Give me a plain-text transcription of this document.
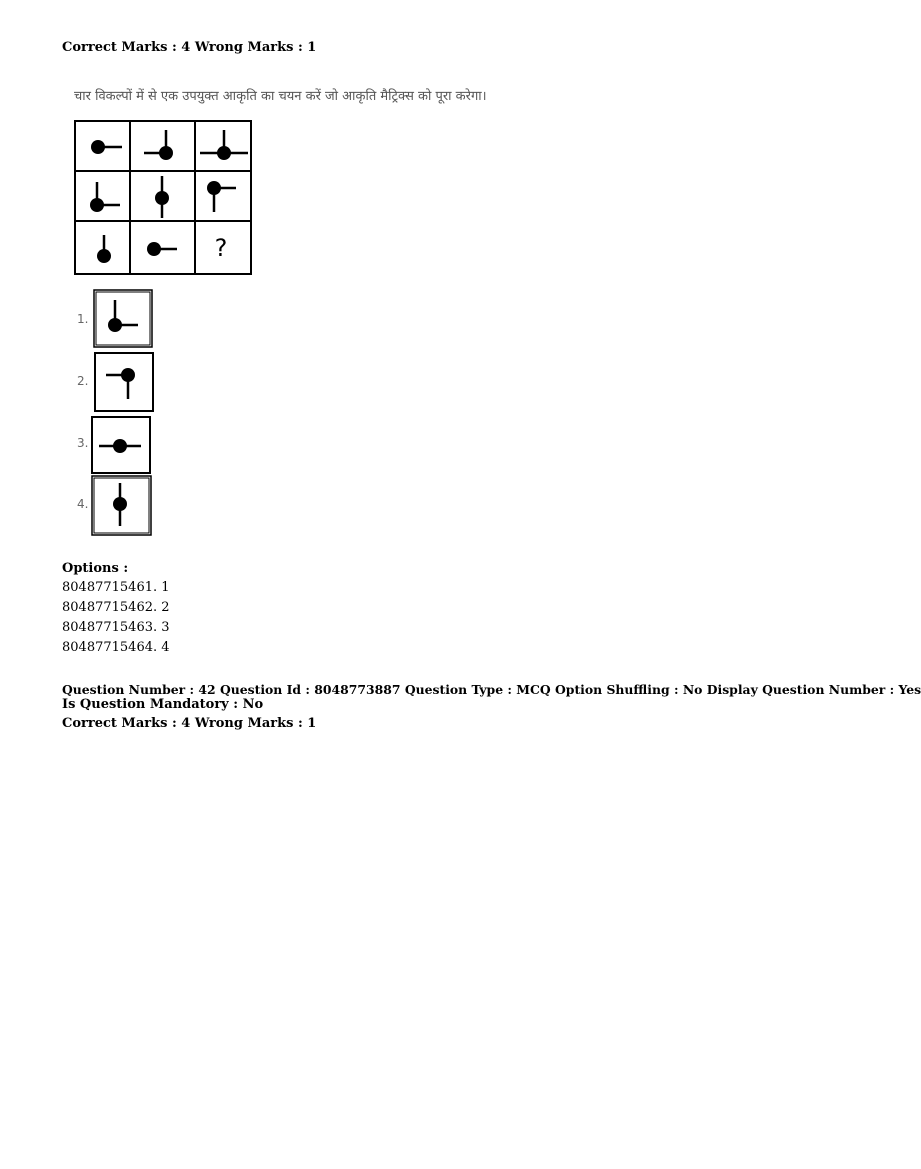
Correct Marks : 4 Wrong Marks : 1
चार विकल्पों में से एक उपयुक्त आकृति का चयन करें जो आकृति मैट्रिक्स को पूरा करेगा।
?
1.
2.
3.
4.
Options :
80487715461. 1
80487715462. 2
80487715463. 3
80487715464. 4
Question Number : 42 Question Id : 8048773887 Question Type : MCQ Option Shuffling : No Display Question Number : Yes
Is Question Mandatory : No
Correct Marks : 4 Wrong Marks : 1
